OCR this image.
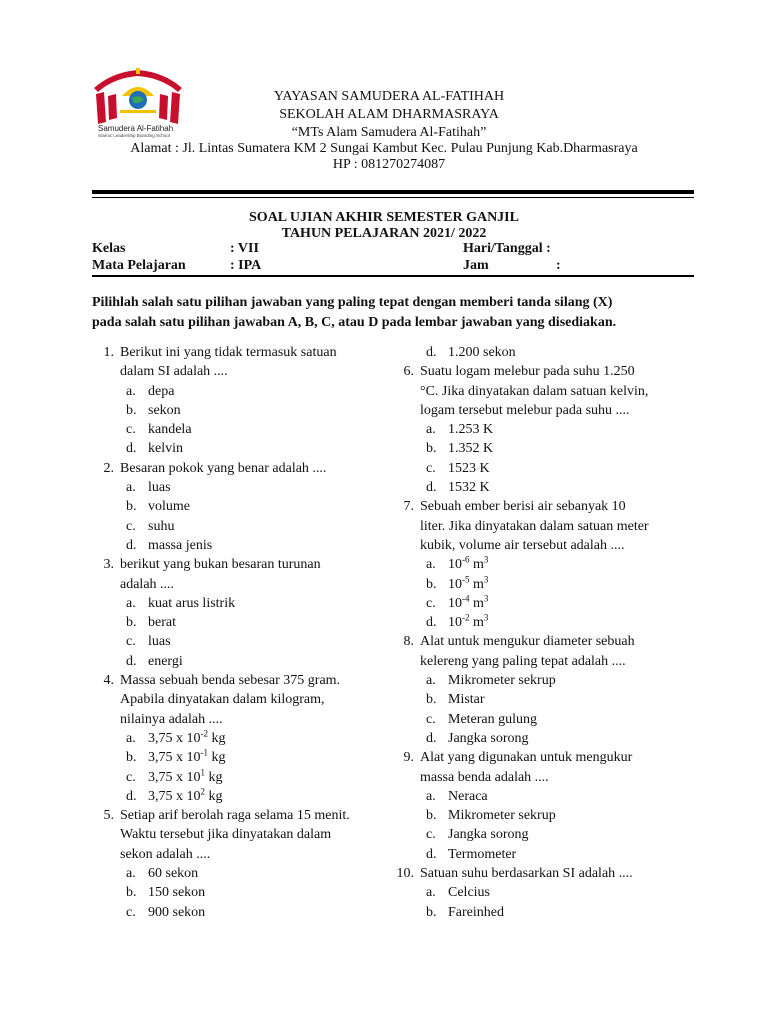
Samudera Al-Fatihah
Islamic Leadership Boarding School
YAYASAN SAMUDERA AL-FATIHAH
SEKOLAH ALAM DHARMASRAYA
“MTs Alam Samudera Al-Fatihah”
Alamat : Jl. Lintas Sumatera KM 2 Sungai Kambut Kec. Pulau Punjung Kab.Dharmasraya
HP : 081270274087
SOAL UJIAN AKHIR SEMESTER GANJIL
TAHUN PELAJARAN 2021/ 2022
Kelas	: VII	Hari/Tanggal :
Mata Pelajaran	: IPA	Jam	:
Pilihlah salah satu pilihan jawaban yang paling tepat dengan memberi tanda silang (X)
pada salah satu pilihan jawaban A, B, C, atau D pada lembar jawaban yang disediakan.
1. Berikut ini yang tidak termasuk satuan
dalam SI adalah ....
a. depa
b. sekon
c. kandela
d. kelvin
2. Besaran pokok yang benar adalah ....
a. luas
b. volume
c. suhu
d. massa jenis
3. berikut yang bukan besaran turunan
adalah ....
a. kuat arus listrik
b. berat
c. luas
d. energi
4. Massa sebuah benda sebesar 375 gram.
Apabila dinyatakan dalam kilogram,
nilainya adalah ....
a. 3,75 x $10^{-2}$ kg
b. 3,75 x $10^{-1}$ kg
c. 3,75 x $10^1$ kg
d. 3,75 x $10^2$ kg
5. Setiap arif berolah raga selama 15 menit.
Waktu tersebut jika dinyatakan dalam
sekon adalah ....
a. 60 sekon
b. 150 sekon
c. 900 sekon
d. 1.200 sekon
6. Suatu logam melebur pada suhu 1.250
°C. Jika dinyatakan dalam satuan kelvin,
logam tersebut melebur pada suhu ....
a. 1.253 K
b. 1.352 K
c. 1523 K
d. 1532 K
7. Sebuah ember berisi air sebanyak 10
liter. Jika dinyatakan dalam satuan meter
kubik, volume air tersebut adalah ....
a. $10^{-6}$ $m^3$
b. $10^{-5}$ $m^3$
c. $10^{-4}$ $m^3$
d. $10^{-2}$ $m^3$
8. Alat untuk mengukur diameter sebuah
kelereng yang paling tepat adalah ....
a. Mikrometer sekrup
b. Mistar
c. Meteran gulung
d. Jangka sorong
9. Alat yang digunakan untuk mengukur
massa benda adalah ....
a. Neraca
b. Mikrometer sekrup
c. Jangka sorong
d. Termometer
10. Satuan suhu berdasarkan SI adalah ....
a. Celcius
b. Fareinhed
